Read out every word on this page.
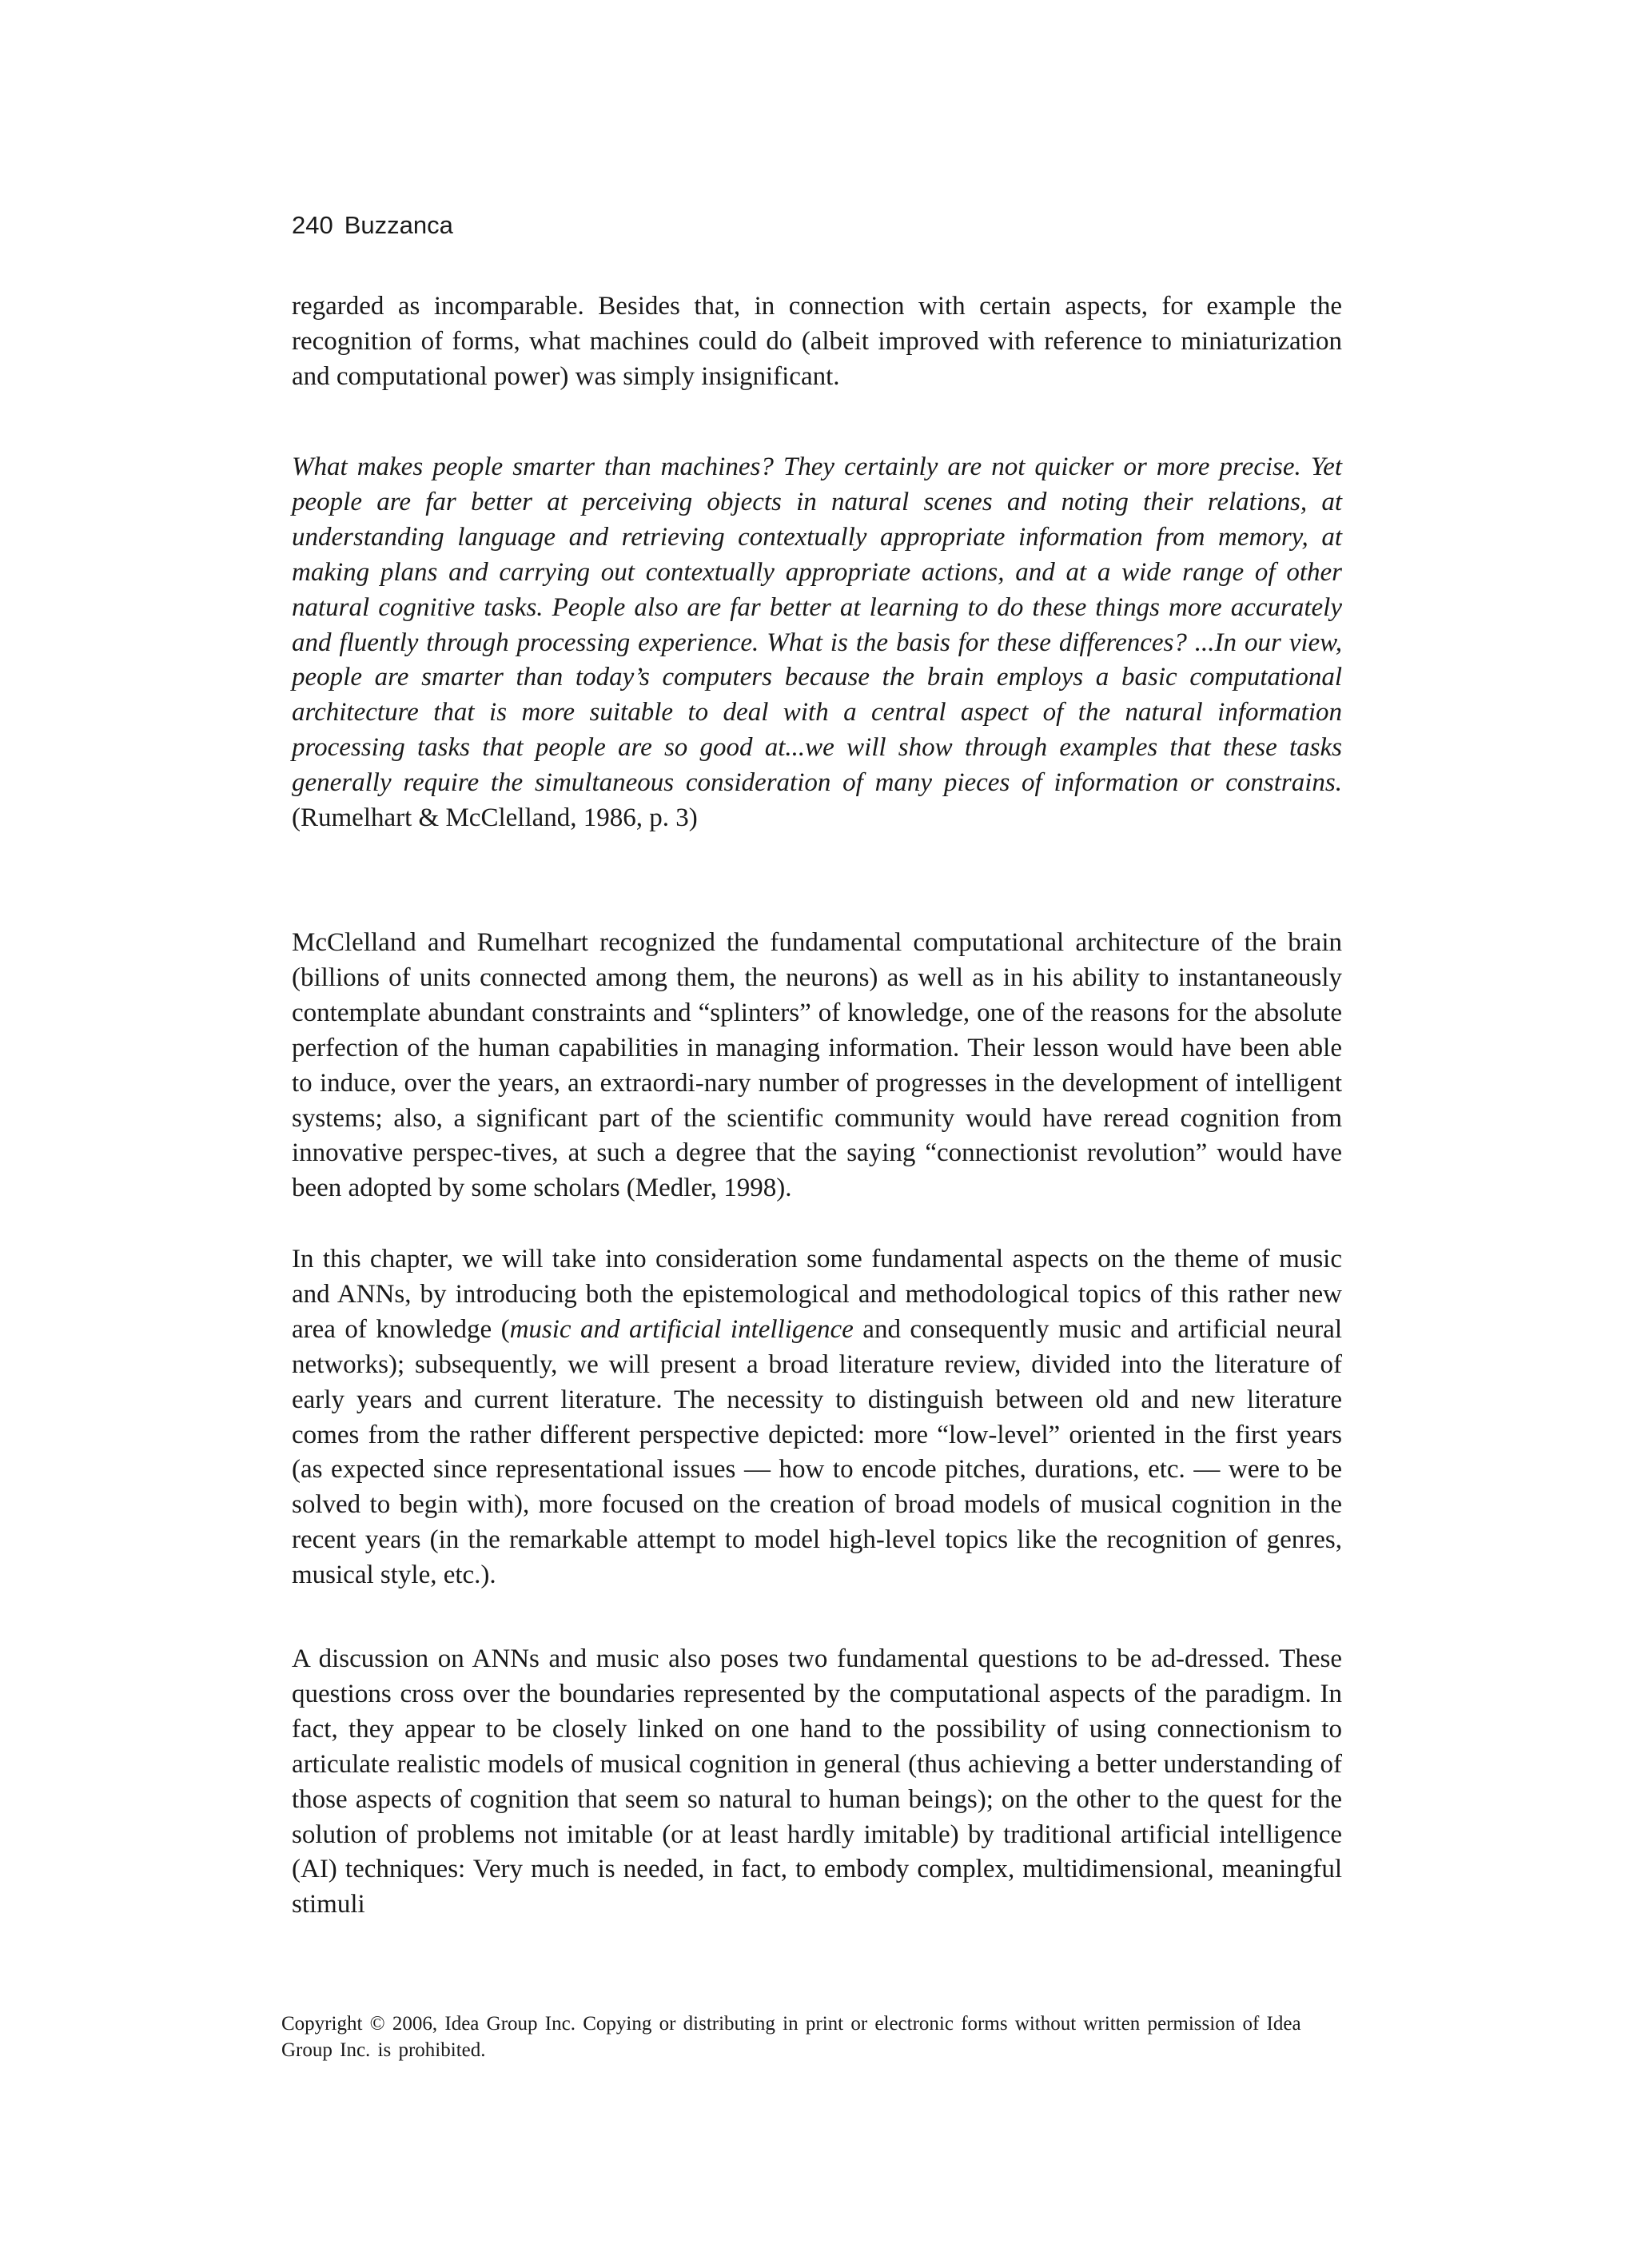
240 Buzzanca

regarded as incomparable. Besides that, in connection with certain aspects, for example the recognition of forms, what machines could do (albeit improved with reference to miniaturization and computational power) was simply insignificant.

What makes people smarter than machines? They certainly are not quicker or more precise. Yet people are far better at perceiving objects in natural scenes and noting their relations, at understanding language and retrieving contextually appropriate information from memory, at making plans and carrying out contextually appropriate actions, and at a wide range of other natural cognitive tasks. People also are far better at learning to do these things more accurately and fluently through processing experience. What is the basis for these differences? ...In our view, people are smarter than today’s computers because the brain employs a basic computational architecture that is more suitable to deal with a central aspect of the natural information processing tasks that people are so good at...we will show through examples that these tasks generally require the simultaneous consideration of many pieces of information or constrains. (Rumelhart & McClelland, 1986, p. 3)

McClelland and Rumelhart recognized the fundamental computational architecture of the brain (billions of units connected among them, the neurons) as well as in his ability to instantaneously contemplate abundant constraints and “splinters” of knowledge, one of the reasons for the absolute perfection of the human capabilities in managing information. Their lesson would have been able to induce, over the years, an extraordi-nary number of progresses in the development of intelligent systems; also, a significant part of the scientific community would have reread cognition from innovative perspec-tives, at such a degree that the saying “connectionist revolution” would have been adopted by some scholars (Medler, 1998).

In this chapter, we will take into consideration some fundamental aspects on the theme of music and ANNs, by introducing both the epistemological and methodological topics of this rather new area of knowledge (music and artificial intelligence and consequently music and artificial neural networks); subsequently, we will present a broad literature review, divided into the literature of early years and current literature. The necessity to distinguish between old and new literature comes from the rather different perspective depicted: more “low-level” oriented in the first years (as expected since representational issues — how to encode pitches, durations, etc. — were to be solved to begin with), more focused on the creation of broad models of musical cognition in the recent years (in the remarkable attempt to model high-level topics like the recognition of genres, musical style, etc.).

A discussion on ANNs and music also poses two fundamental questions to be ad-dressed. These questions cross over the boundaries represented by the computational aspects of the paradigm. In fact, they appear to be closely linked on one hand to the possibility of using connectionism to articulate realistic models of musical cognition in general (thus achieving a better understanding of those aspects of cognition that seem so natural to human beings); on the other to the quest for the solution of problems not imitable (or at least hardly imitable) by traditional artificial intelligence (AI) techniques: Very much is needed, in fact, to embody complex, multidimensional, meaningful stimuli

Copyright © 2006, Idea Group Inc. Copying or distributing in print or electronic forms without written permission of Idea Group Inc. is prohibited.
